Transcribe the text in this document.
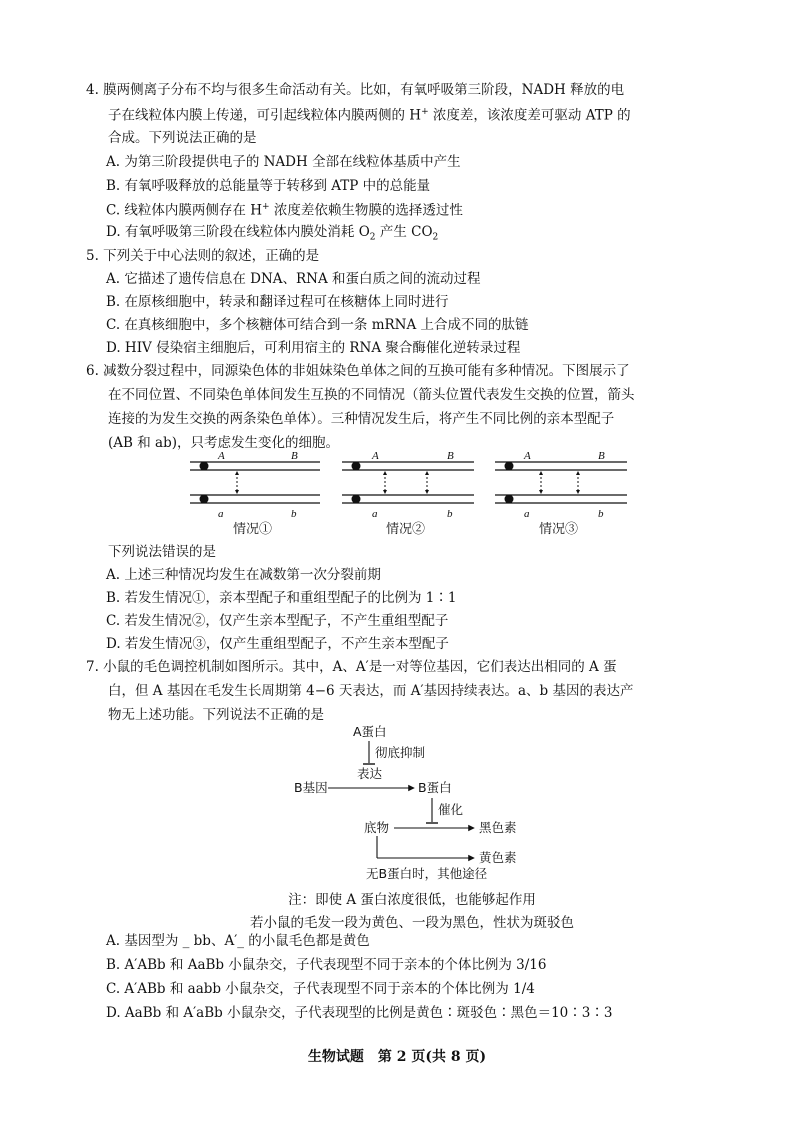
4. 膜两侧离子分布不均与很多生命活动有关。比如，有氧呼吸第三阶段，NADH 释放的电
子在线粒体内膜上传递，可引起线粒体内膜两侧的 H+ 浓度差，该浓度差可驱动 ATP 的
合成。下列说法正确的是
A. 为第三阶段提供电子的 NADH 全部在线粒体基质中产生
B. 有氧呼吸释放的总能量等于转移到 ATP 中的总能量
C. 线粒体内膜两侧存在 H+ 浓度差依赖生物膜的选择透过性
D. 有氧呼吸第三阶段在线粒体内膜处消耗 $O_2$ 产生 $CO_2$
5. 下列关于中心法则的叙述，正确的是
A. 它描述了遗传信息在 DNA、RNA 和蛋白质之间的流动过程
B. 在原核细胞中，转录和翻译过程可在核糖体上同时进行
C. 在真核细胞中，多个核糖体可结合到一条 mRNA 上合成不同的肽链
D. HIV 侵染宿主细胞后，可利用宿主的 RNA 聚合酶催化逆转录过程
6. 减数分裂过程中，同源染色体的非姐妹染色单体之间的互换可能有多种情况。下图展示了
在不同位置、不同染色单体间发生互换的不同情况（箭头位置代表发生交换的位置，箭头
连接的为发生交换的两条染色单体）。三种情况发生后，将产生不同比例的亲本型配子
(AB 和 ab)，只考虑发生变化的细胞。
A	B
a	b
A	B
a	b
A	B
a	b
情况①	情况②	情况③
A蛋白
彻底抑制
表达
B基因	B蛋白
催化
底物	黑色素
黄色素
无B蛋白时，其他途径
下列说法错误的是
A. 上述三种情况均发生在减数第一次分裂前期
B. 若发生情况①，亲本型配子和重组型配子的比例为 1∶1
C. 若发生情况②，仅产生亲本型配子，不产生重组型配子
D. 若发生情况③，仅产生重组型配子，不产生亲本型配子
7. 小鼠的毛色调控机制如图所示。其中，A、A′是一对等位基因，它们表达出相同的 A 蛋
白，但 A 基因在毛发生长周期第 4−6 天表达，而 A′基因持续表达。a、b 基因的表达产
物无上述功能。下列说法不正确的是
注：即使 A 蛋白浓度很低，也能够起作用
若小鼠的毛发一段为黄色、一段为黑色，性状为斑驳色
A. 基因型为 _ bb、A′_ 的小鼠毛色都是黄色
B. A′ABb 和 AaBb 小鼠杂交，子代表现型不同于亲本的个体比例为 3/16
C. A′ABb 和 aabb 小鼠杂交，子代表现型不同于亲本的个体比例为 1/4
D. AaBb 和 A′aBb 小鼠杂交，子代表现型的比例是黄色∶斑驳色∶黑色＝10∶3∶3
生物试题　第 2 页(共 8 页)
